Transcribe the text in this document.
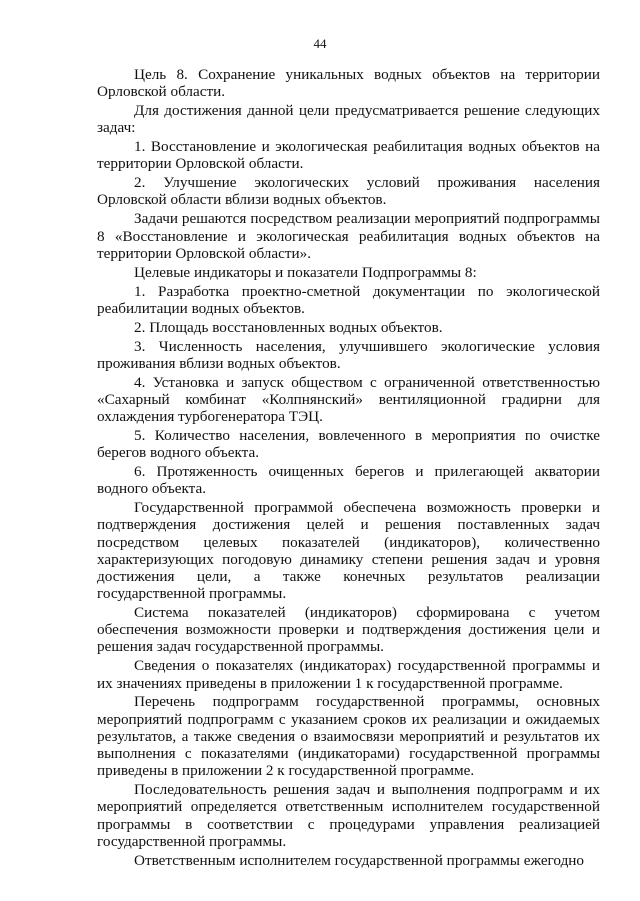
44

Цель 8. Сохранение уникальных водных объектов на территории Орловской области.

Для достижения данной цели предусматривается решение следующих задач:

1. Восстановление и экологическая реабилитация водных объектов на территории Орловской области.

2. Улучшение экологических условий проживания населения Орловской области вблизи водных объектов.

Задачи решаются посредством реализации мероприятий подпрограммы 8 «Восстановление и экологическая реабилитация водных объектов на территории Орловской области».

Целевые индикаторы и показатели Подпрограммы 8:

1. Разработка проектно-сметной документации по экологической реабилитации водных объектов.

2. Площадь восстановленных водных объектов.

3. Численность населения, улучшившего экологические условия проживания вблизи водных объектов.

4. Установка и запуск обществом с ограниченной ответственностью «Сахарный комбинат «Колпнянский» вентиляционной градирни для охлаждения турбогенератора ТЭЦ.

5. Количество населения, вовлеченного в мероприятия по очистке берегов водного объекта.

6. Протяженность очищенных берегов и прилегающей акватории водного объекта.

Государственной программой обеспечена возможность проверки и подтверждения достижения целей и решения поставленных задач посредством целевых показателей (индикаторов), количественно характеризующих погодовую динамику степени решения задач и уровня достижения цели, а также конечных результатов реализации государственной программы.

Система показателей (индикаторов) сформирована с учетом обеспечения возможности проверки и подтверждения достижения цели и решения задач государственной программы.

Сведения о показателях (индикаторах) государственной программы и их значениях приведены в приложении 1 к государственной программе.

Перечень подпрограмм государственной программы, основных мероприятий подпрограмм с указанием сроков их реализации и ожидаемых результатов, а также сведения о взаимосвязи мероприятий и результатов их выполнения с показателями (индикаторами) государственной программы приведены в приложении 2 к государственной программе.

Последовательность решения задач и выполнения подпрограмм и их мероприятий определяется ответственным исполнителем государственной программы в соответствии с процедурами управления реализацией государственной программы.

Ответственным исполнителем государственной программы ежегодно
